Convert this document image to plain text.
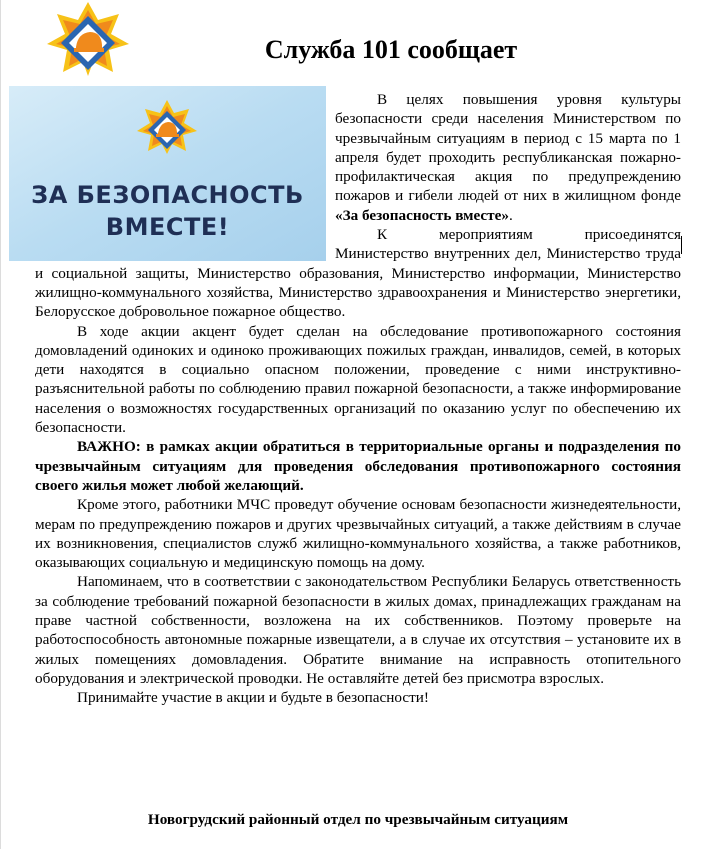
Служба 101 сообщает
ЗА БЕЗОПАСНОСТЬ
ВМЕСТЕ!

В целях повышения уровня культуры безопасности среди населения Министерством по чрезвычайным ситуациям в период с 15 марта по 1 апреля будет проходить республиканская пожарно-профилактическая акция по предупреждению пожаров и гибели людей от них в жилищном фонде «За безопасность вместе».

К мероприятиям присоединятся Министерство внутренних дел, Министерство труда и социальной защиты, Министерство образования, Министерство информации, Министерство жилищно-коммунального хозяйства, Министерство здравоохранения и Министерство энергетики, Белорусское добровольное пожарное общество.

В ходе акции акцент будет сделан на обследование противопожарного состояния домовладений одиноких и одиноко проживающих пожилых граждан, инвалидов, семей, в которых дети находятся в социально опасном положении, проведение с ними инструктивно-разъяснительной работы по соблюдению правил пожарной безопасности, а также информирование населения о возможностях государственных организаций по оказанию услуг по обеспечению их безопасности.

ВАЖНО: в рамках акции обратиться в территориальные органы и подразделения по чрезвычайным ситуациям для проведения обследования противопожарного состояния своего жилья может любой желающий.

Кроме этого, работники МЧС проведут обучение основам безопасности жизнедеятельности, мерам по предупреждению пожаров и других чрезвычайных ситуаций, а также действиям в случае их возникновения, специалистов служб жилищно-коммунального хозяйства, а также работников, оказывающих социальную и медицинскую помощь на дому.

Напоминаем, что в соответствии с законодательством Республики Беларусь ответственность за соблюдение требований пожарной безопасности в жилых домах, принадлежащих гражданам на праве частной собственности, возложена на их собственников. Поэтому проверьте на работоспособность автономные пожарные извещатели, а в случае их отсутствия – установите их в жилых помещениях домовладения. Обратите внимание на исправность отопительного оборудования и электрической проводки. Не оставляйте детей без присмотра взрослых.

Принимайте участие в акции и будьте в безопасности!

Новогрудский районный отдел по чрезвычайным ситуациям
